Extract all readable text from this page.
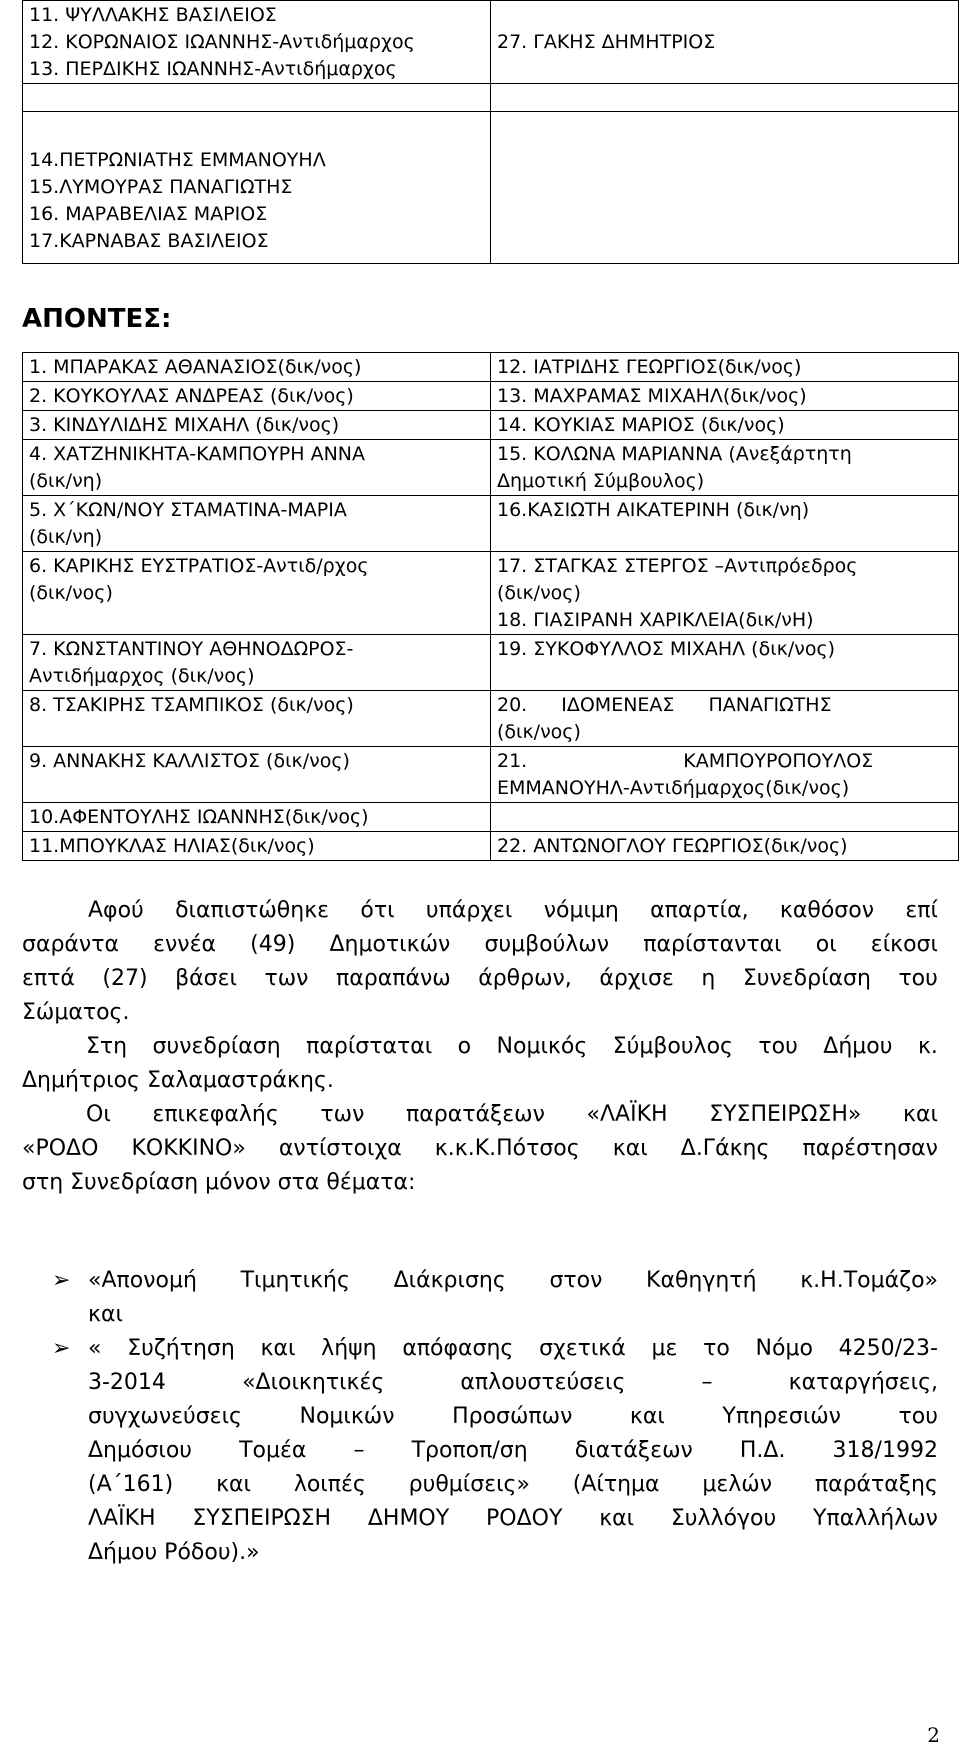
11. ΨΥΛΛΑΚΗΣ ΒΑΣΙΛΕΙΟΣ
12. ΚΟΡΩΝΑΙΟΣ ΙΩΑΝΝΗΣ-Αντιδήμαρχος
13. ΠΕΡΔΙΚΗΣ ΙΩΑΝΝΗΣ-Αντιδήμαρχος	27. ΓΑΚΗΣ ΔΗΜΗΤΡΙΟΣ

14.ΠΕΤΡΩΝΙΑΤΗΣ ΕΜΜΑΝΟΥΗΛ
15.ΛΥΜΟΥΡΑΣ ΠΑΝΑΓΙΩΤΗΣ
16. ΜΑΡΑΒΕΛΙΑΣ ΜΑΡΙΟΣ
17.ΚΑΡΝΑΒΑΣ ΒΑΣΙΛΕΙΟΣ	

ΑΠΟΝΤΕΣ:
1. ΜΠΑΡΑΚΑΣ ΑΘΑΝΑΣΙΟΣ(δικ/νος)	12. ΙΑΤΡΙΔΗΣ ΓΕΩΡΓΙΟΣ(δικ/νος)

2. ΚΟΥΚΟΥΛΑΣ ΑΝΔΡΕΑΣ (δικ/νος)	13. ΜΑΧΡΑΜΑΣ ΜΙΧΑΗΛ(δικ/νος)

3. ΚΙΝΔΥΛΙΔΗΣ ΜΙΧΑΗΛ (δικ/νος)	14. ΚΟΥΚΙΑΣ ΜΑΡΙΟΣ (δικ/νος)

4. ΧΑΤΖΗΝΙΚΗΤΑ-ΚΑΜΠΟΥΡΗ ΑΝΝΑ
(δικ/νη)	15. ΚΟΛΩΝΑ ΜΑΡΙΑΝΝΑ (Ανεξάρτητη
Δημοτική Σύμβουλος)

5. Χ΄ΚΩΝ/ΝΟΥ ΣΤΑΜΑΤΙΝΑ-ΜΑΡΙΑ
(δικ/νη)	16.ΚΑΣΙΩΤΗ ΑΙΚΑΤΕΡΙΝΗ (δικ/νη)

6. ΚΑΡΙΚΗΣ ΕΥΣΤΡΑΤΙΟΣ-Αντιδ/ρχος
(δικ/νος)	17. ΣΤΑΓΚΑΣ ΣΤΕΡΓΟΣ –Αντιπρόεδρος
(δικ/νος)
18. ΓΙΑΣΙΡΑΝΗ ΧΑΡΙΚΛΕΙΑ(δικ/νΗ)

7. ΚΩΝΣΤΑΝΤΙΝΟΥ ΑΘΗΝΟΔΩΡΟΣ-
Αντιδήμαρχος (δικ/νος)	19. ΣΥΚΟΦΥΛΛΟΣ ΜΙΧΑΗΛ (δικ/νος)

8. ΤΣΑΚΙΡΗΣ ΤΣΑΜΠΙΚΟΣ (δικ/νος)	20. ΙΔΟΜΕΝΕΑΣ ΠΑΝΑΓΙΩΤΗΣ
(δικ/νος)

9. ΑΝΝΑΚΗΣ ΚΑΛΛΙΣΤΟΣ (δικ/νος)	21. ΚΑΜΠΟΥΡΟΠΟΥΛΟΣ
ΕΜΜΑΝΟΥΗΛ-Αντιδήμαρχος(δικ/νος)

10.ΑΦΕΝΤΟΥΛΗΣ ΙΩΑΝΝΗΣ(δικ/νος)	

11.ΜΠΟΥΚΛΑΣ ΗΛΙΑΣ(δικ/νος)	22. ΑΝΤΩΝΟΓΛΟΥ ΓΕΩΡΓΙΟΣ(δικ/νος)

Αφού διαπιστώθηκε ότι υπάρχει νόμιμη απαρτία, καθόσον επί
σαράντα εννέα (49) Δημοτικών συμβούλων παρίστανται οι είκοσι
επτά (27) βάσει των παραπάνω άρθρων, άρχισε η Συνεδρίαση του
Σώματος.

Στη συνεδρίαση παρίσταται ο Νομικός Σύμβουλος του Δήμου κ.
Δημήτριος Σαλαμαστράκης.

Οι επικεφαλής των παρατάξεων «ΛΑΪΚΗ ΣΥΣΠΕΙΡΩΣΗ» και
«ΡΟΔΟ ΚΟΚΚΙΝΟ» αντίστοιχα κ.κ.Κ.Πότσος και Δ.Γάκης παρέστησαν
στη Συνεδρίαση μόνον στα θέματα:

➢ «Απονομή Τιμητικής Διάκρισης στον Καθηγητή κ.Η.Τομάζο»
και
➢ « Συζήτηση και λήψη απόφασης σχετικά με το Νόμο 4250/23-
3-2014	«Διοικητικές	απλουστεύσεις	–	καταργήσεις,
συγχωνεύσεις	Νομικών	Προσώπων	και	Υπηρεσιών	του
Δημόσιου Τομέα – Τροποπ/ση διατάξεων Π.Δ. 318/1992
(Α΄161) και λοιπές ρυθμίσεις» (Αίτημα μελών παράταξης
ΛΑΪΚΗ ΣΥΣΠΕΙΡΩΣΗ ΔΗΜΟΥ ΡΟΔΟΥ και Συλλόγου Υπαλλήλων
Δήμου Ρόδου).»
2
